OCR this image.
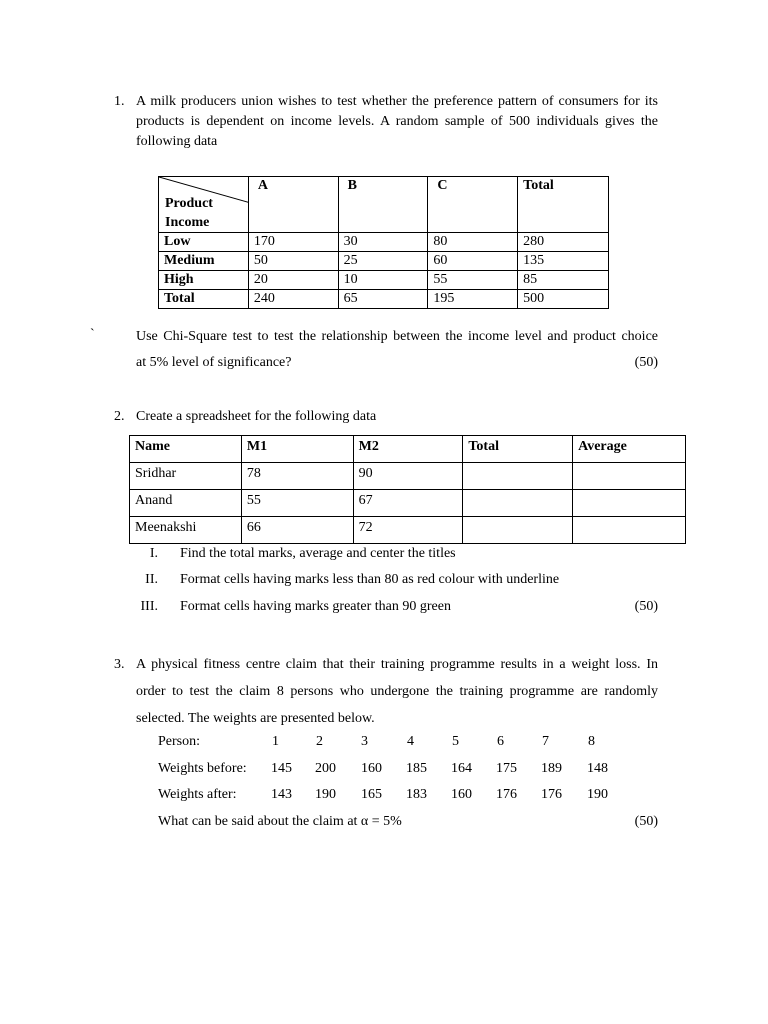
1. A milk producers union wishes to test whether the preference pattern of consumers for its products is dependent on income levels. A random sample of 500 individuals gives the following data
Product
Income	A	B	C	Total
Low	170	30	80	280
Medium	50	25	60	135
High	20	10	55	85
Total	240	65	195	500
`	Use Chi-Square test to test the relationship between the income level and product choice
at 5% level of significance?	(50)
2. Create a spreadsheet for the following data
Name	M1	M2	Total	Average
Sridhar	78	90		
Anand	55	67		
Meenakshi	66	72		
I. Find the total marks, average and center the titles
II. Format cells having marks less than 80 as red colour with underline
III. Format cells having marks greater than 90 green	(50)
3. A physical fitness centre claim that their training programme results in a weight loss. In order to test the claim 8 persons who undergone the training programme are randomly selected. The weights are presented below.
Person:	1	2	3	4	5	6	7	8
Weights before: 145 200 160 185 164 175 189 148
Weights after: 143 190 165 183 160 176 176 190
What can be said about the claim at α = 5%	(50)
